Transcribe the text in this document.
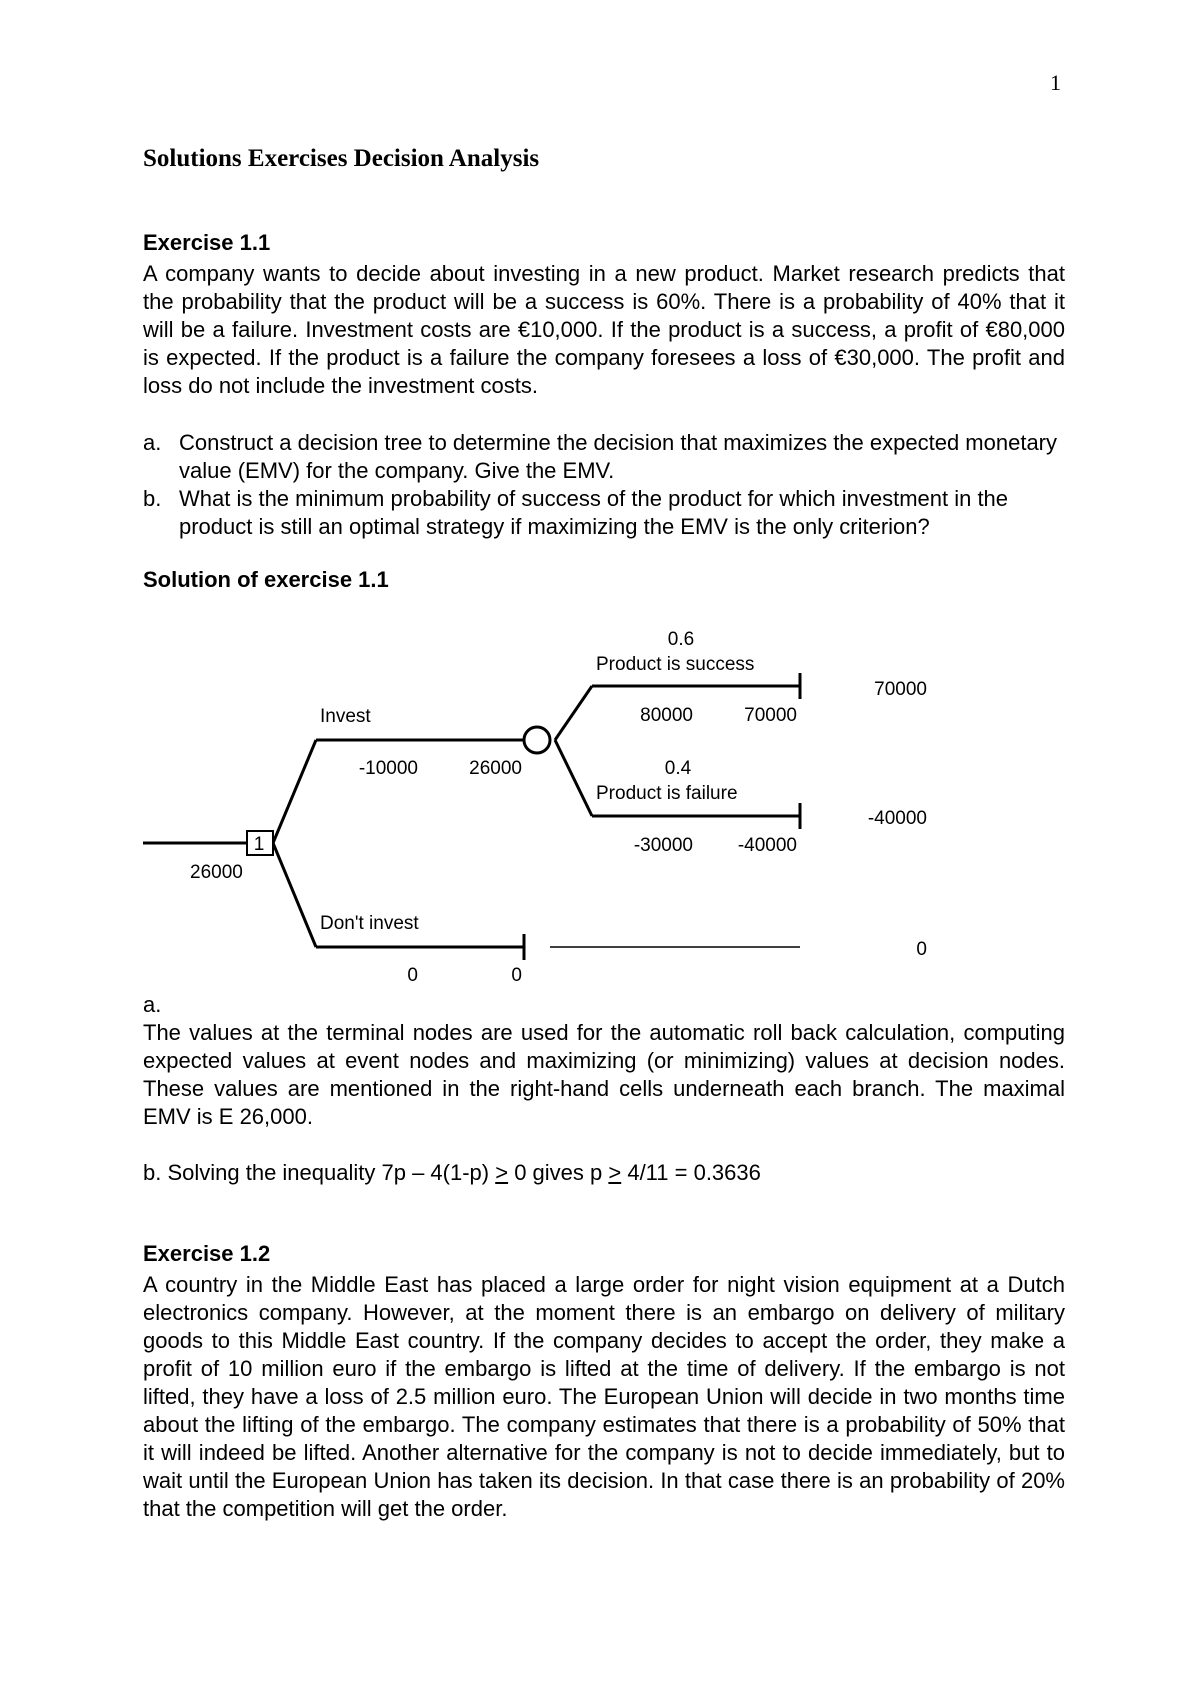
1
Solutions Exercises Decision Analysis
Exercise 1.1

A company wants to decide about investing in a new product. Market research predicts that the probability that the product will be a success is 60%. There is a probability of 40% that it will be a failure. Investment costs are €10,000. If the product is a success, a profit of €80,000 is expected. If the product is a failure the company foresees a loss of €30,000. The profit and loss do not include the investment costs.

a. Construct a decision tree to determine the decision that maximizes the expected monetary value (EMV) for the company. Give the EMV.
b. What is the minimum probability of success of the product for which investment in the product is still an optimal strategy if maximizing the EMV is the only criterion?
Solution of exercise 1.1
26000
1
Invest
-10000	26000
0.6
Product is success
80000	70000
70000
0.4
Product is failure
-30000 -40000
-40000
Don't invest
0	0
0

a.

The values at the terminal nodes are used for the automatic roll back calculation, computing expected values at event nodes and maximizing (or minimizing) values at decision nodes. These values are mentioned in the right-hand cells underneath each branch. The maximal EMV is E 26,000.

b. Solving the inequality 7p – 4(1-p) ≥ 0 gives p ≥ 4/11 = 0.3636

Exercise 1.2

A country in the Middle East has placed a large order for night vision equipment at a Dutch electronics company. However, at the moment there is an embargo on delivery of military goods to this Middle East country. If the company decides to accept the order, they make a profit of 10 million euro if the embargo is lifted at the time of delivery. If the embargo is not lifted, they have a loss of 2.5 million euro. The European Union will decide in two months time about the lifting of the embargo. The company estimates that there is a probability of 50% that it will indeed be lifted. Another alternative for the company is not to decide immediately, but to wait until the European Union has taken its decision. In that case there is an probability of 20% that the competition will get the order.
